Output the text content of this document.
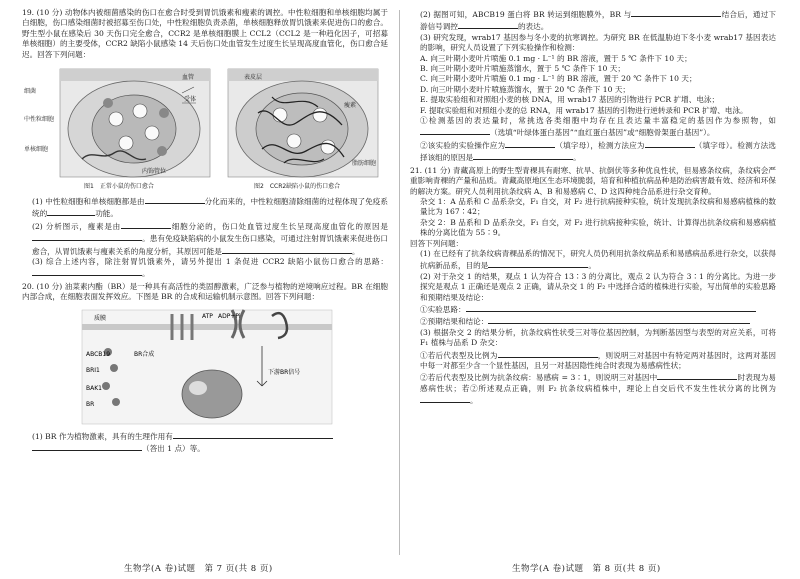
19. (10 分) 动物体内被细菌感染的伤口在愈合时受到胃饥饿素和瘦素的调控。中性粒细胞和单核细胞均属于白细胞，伤口感染细菌时被招募至伤口处，中性粒细胞负责杀菌，单核细胞释放胃饥饿素来促进伤口的愈合。野生型小鼠在感染后 30 天伤口完全愈合，CCR2 是单核细胞膜上 CCL2（CCL2 是一种趋化因子，可招募单核细胞）的主要受体，CCR2 缺陷小鼠感染 14 天后伤口处血管发生过度生长呈现高度血管化，伤口愈合延迟。回答下列问题：

细菌
中性粒细胞
单核细胞
血管
受体
内饰管位
瘦素
表皮层
脂肪细胞
图1　正常小鼠的伤口愈合	图2　CCR2缺陷小鼠的伤口愈合

(1) 中性粒细胞和单核细胞都是由	分化而来的，中性粒细胞清除细菌的过程体现了免疫系统的	功能。

(2) 分析图示，瘦素是由	细胞分泌的，伤口处血管过度生长呈现高度血管化的原因是。患有免疫缺陷病的小鼠发生伤口感染，可通过注射胃饥饿素来促进伤口愈合，从胃饥饿素与瘦素关系的角度分析，其原因可能是	。

(3) 综合上述内容，除注射胃饥饿素外，请另外提出 1 条促进 CCR2 缺陷小鼠伤口愈合的思路：。

20. (10 分) 油菜素内酯（BR）是一种具有高活性的类固醇激素，广泛参与植物的逆境响应过程。BR 在细胞内部合成，在细胞表面发挥效应。下图是 BR 的合成和运输机制示意图。回答下列问题：

质膜	ATP ADP+Pi
ABCB19	BR合成
BRI1
BAK1
BR
下游BR信号

(1) BR 作为植物激素，具有的生理作用有

（答出 1 点）等。

(2) 据图可知，ABCB19 蛋白将 BR 转运到细胞膜外，BR 与	结合后，通过下游信号调控	的表达。

(3) 研究发现，wrab17 基因参与冬小麦的抗寒调控。为研究 BR 在低温胁迫下冬小麦 wrab17 基因表达的影响，研究人员设置了下列实验操作和检测：

A. 向三叶期小麦叶片喷施 0.1 mg · L⁻¹ 的 BR 溶液，置于 5 ℃ 条件下 10 天；

B. 向三叶期小麦叶片喷施蒸馏水，置于 5 ℃ 条件下 10 天；

C. 向三叶期小麦叶片喷施 0.1 mg · L⁻¹ 的 BR 溶液，置于 20 ℃ 条件下 10 天；

D. 向三叶期小麦叶片喷施蒸馏水，置于 20 ℃ 条件下 10 天；

E. 提取实验组和对照组小麦的核 DNA，用 wrab17 基因的引物进行 PCR 扩增、电泳；

F. 提取实验组和对照组小麦的总 RNA，用 wrab17 基因的引物进行逆转录和 PCR 扩增、电泳。

①检测基因的表达量时，常挑选各类细胞中均存在且表达量丰富稳定的基因作为参照物，如（选填“叶绿体蛋白基因”“血红蛋白基因”或“细胞骨架蛋白基因”）。

②该实验的实验操作应为	（填字母），检测方法应为	（填字母）。检测方法选择该组的原因是	。

21. (11 分) 青藏高原上的野生型青稞具有耐寒、抗旱、抗倒伏等多种优良性状，但易感条纹病，条纹病会严重影响青稞的产量和品质。青藏高原地区生态环境脆弱，培育和种植抗病品种是防治病害最有效、经济和环保的解决方案。研究人员利用抗条纹病 A、B 和易感病 C、D 这四种纯合品系进行杂交育种。

杂交 1：A 品系和 C 品系杂交，F₁ 自交，对 F₂ 进行抗病接种实验，统计发现抗条纹病和易感病植株的数量比为 167∶42；

杂交 2：B 品系和 D 品系杂交，F₁ 自交，对 F₂ 进行抗病接种实验，统计、计算得出抗条纹病和易感病植株的分离比值为 55∶9。

回答下列问题：

(1) 在已经有了抗条纹病青稞品系的情况下，研究人员仍利用抗条纹病品系和易感病品系进行杂交，以获得抗病新品系，目的是	。

(2) 对于杂交 1 的结果，观点 1 认为符合 13∶3 的分离比，观点 2 认为符合 3∶1 的分离比。为进一步探究是观点 1 正确还是观点 2 正确，请从杂交 1 的 F₂ 中选择合适的植株进行实验，写出简单的实验思路和预期结果及结论：

①实验思路：

②预期结果和结论：

(3) 根据杂交 2 的结果分析，抗条纹病性状受三对等位基因控制，为判断基因型与表型的对应关系，可将 F₁ 植株与品系 D 杂交：

①若后代表型及比例为	，则说明三对基因中有特定两对基因时，这两对基因中每一对都至少含一个显性基因，且另一对基因隐性纯合时表现为易感病性状；

②若后代表型及比例为抗条纹病：易感病 = 3∶1，则说明三对基因中	时表现为易感病性状；若②所述观点正确，则 F₂ 抗条纹病植株中，理论上自交后代不发生性状分离的比例为。

生物学(A 卷)试题　第 7 页(共 8 页)	生物学(A 卷)试题　第 8 页(共 8 页)
